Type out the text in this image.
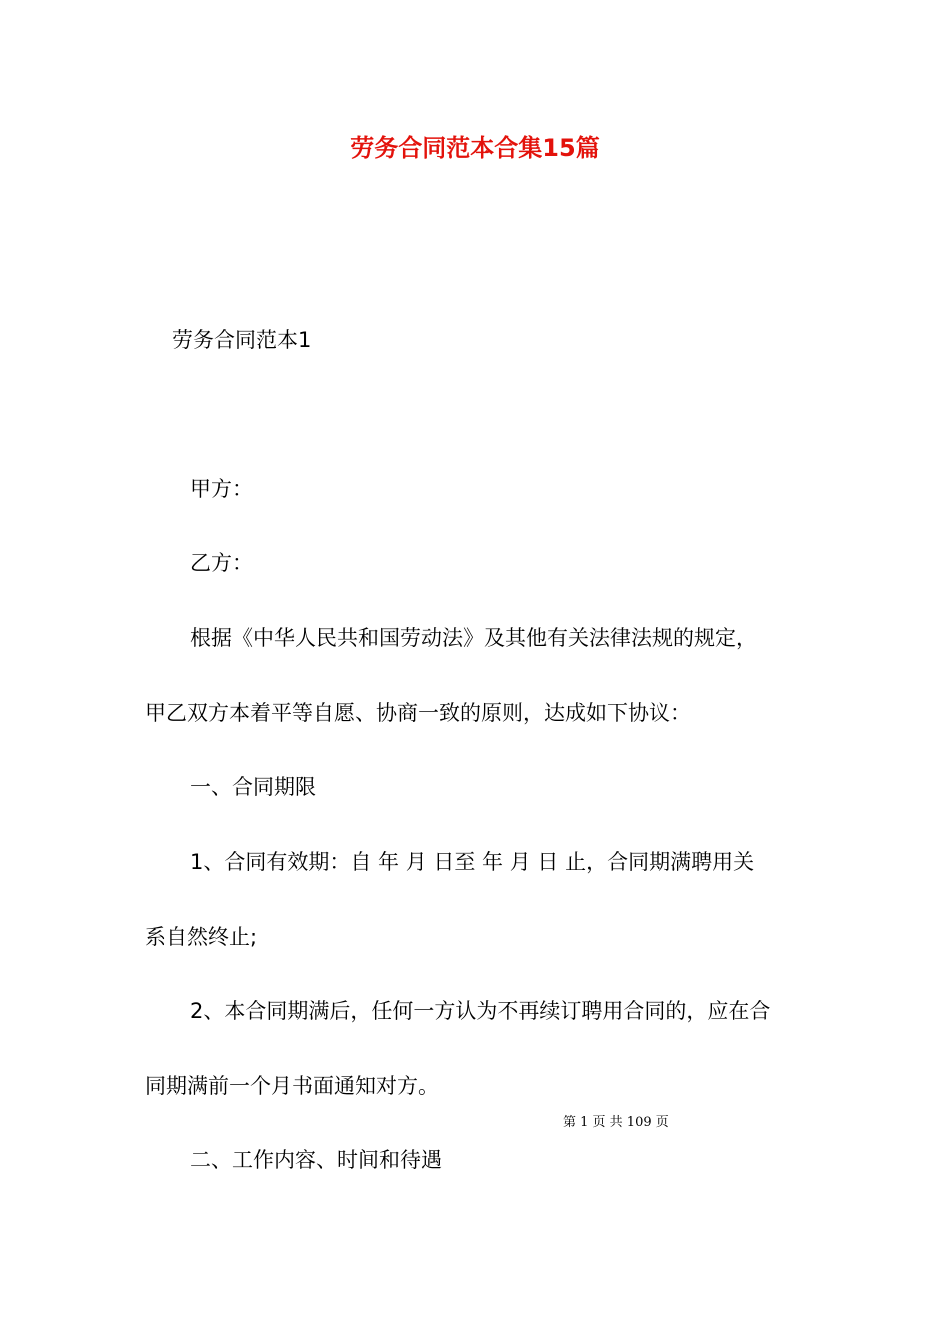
劳务合同范本合集15篇
劳务合同范本1
甲方：
乙方：
根据《中华人民共和国劳动法》及其他有关法律法规的规定，
甲乙双方本着平等自愿、协商一致的原则，达成如下协议：
一、合同期限
1、合同有效期：自 年 月 日至 年 月 日 止，合同期满聘用关
系自然终止;
2、本合同期满后，任何一方认为不再续订聘用合同的，应在合
同期满前一个月书面通知对方。
第 1 页 共 109 页
二、工作内容、时间和待遇
